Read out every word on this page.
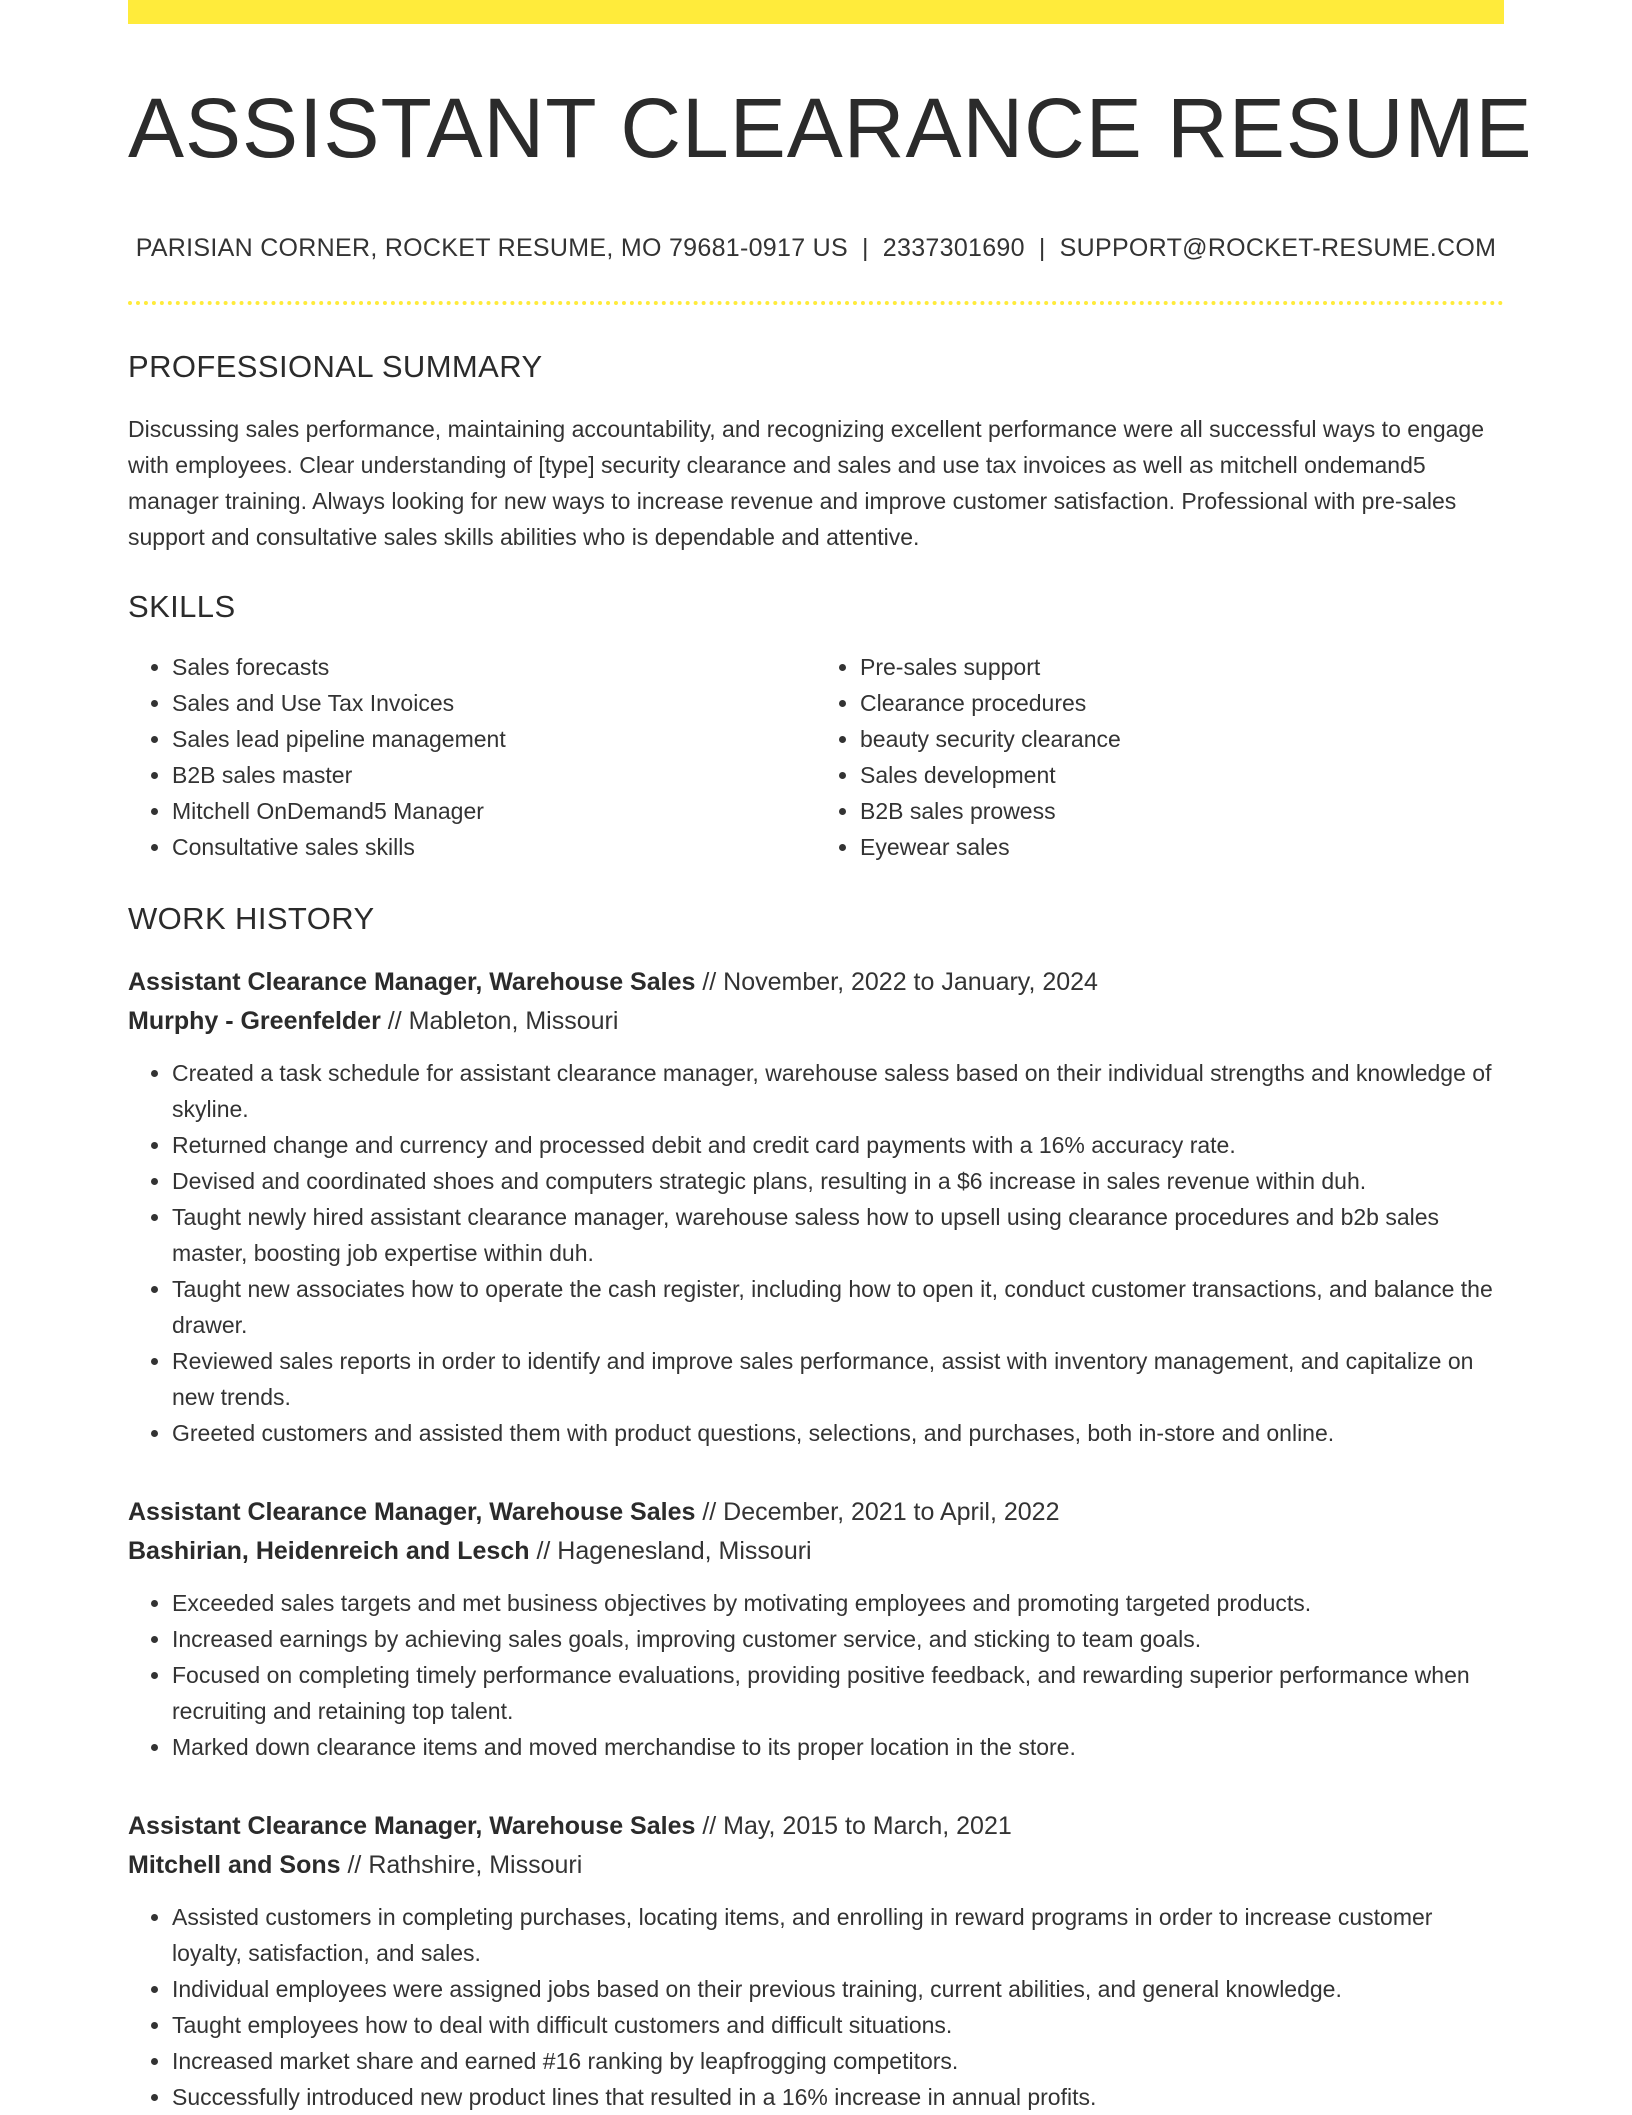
ASSISTANT CLEARANCE RESUME
PARISIAN CORNER, ROCKET RESUME, MO 79681-0917 US | 2337301690 | SUPPORT@ROCKET-RESUME.COM
PROFESSIONAL SUMMARY

Discussing sales performance, maintaining accountability, and recognizing excellent performance were all successful ways to engage with employees. Clear understanding of [type] security clearance and sales and use tax invoices as well as mitchell ondemand5 manager training. Always looking for new ways to increase revenue and improve customer satisfaction. Professional with pre-sales support and consultative sales skills abilities who is dependable and attentive.

SKILLS
• Sales forecasts
• Sales and Use Tax Invoices
• Sales lead pipeline management
• B2B sales master
• Mitchell OnDemand5 Manager
• Consultative sales skills
• Pre-sales support
• Clearance procedures
• beauty security clearance
• Sales development
• B2B sales prowess
• Eyewear sales
WORK HISTORY
Assistant Clearance Manager, Warehouse Sales // November, 2022 to January, 2024
Murphy - Greenfelder // Mableton, Missouri
• Created a task schedule for assistant clearance manager, warehouse saless based on their individual strengths and knowledge of skyline.
• Returned change and currency and processed debit and credit card payments with a 16% accuracy rate.
• Devised and coordinated shoes and computers strategic plans, resulting in a $6 increase in sales revenue within duh.
• Taught newly hired assistant clearance manager, warehouse saless how to upsell using clearance procedures and b2b sales master, boosting job expertise within duh.
• Taught new associates how to operate the cash register, including how to open it, conduct customer transactions, and balance the drawer.
• Reviewed sales reports in order to identify and improve sales performance, assist with inventory management, and capitalize on new trends.
• Greeted customers and assisted them with product questions, selections, and purchases, both in-store and online.
Assistant Clearance Manager, Warehouse Sales // December, 2021 to April, 2022
Bashirian, Heidenreich and Lesch // Hagenesland, Missouri
• Exceeded sales targets and met business objectives by motivating employees and promoting targeted products.
• Increased earnings by achieving sales goals, improving customer service, and sticking to team goals.
• Focused on completing timely performance evaluations, providing positive feedback, and rewarding superior performance when recruiting and retaining top talent.
• Marked down clearance items and moved merchandise to its proper location in the store.
Assistant Clearance Manager, Warehouse Sales // May, 2015 to March, 2021
Mitchell and Sons // Rathshire, Missouri
• Assisted customers in completing purchases, locating items, and enrolling in reward programs in order to increase customer loyalty, satisfaction, and sales.
• Individual employees were assigned jobs based on their previous training, current abilities, and general knowledge.
• Taught employees how to deal with difficult customers and difficult situations.
• Increased market share and earned #16 ranking by leapfrogging competitors.
• Successfully introduced new product lines that resulted in a 16% increase in annual profits.
